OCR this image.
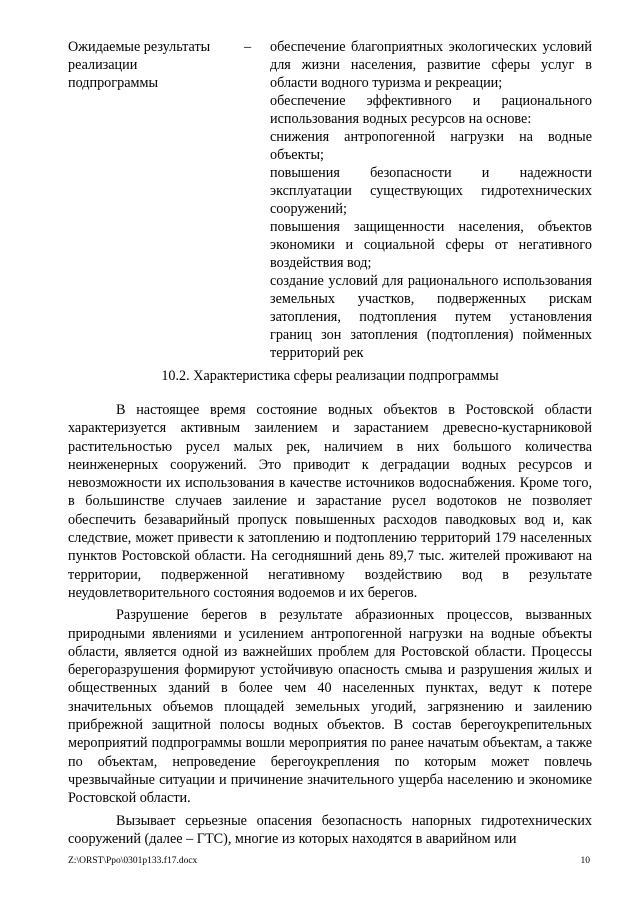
Ожидаемые результаты
реализации
подпрограммы
– обеспечение благоприятных экологических условий для жизни населения, развитие сферы услуг в области водного туризма и рекреации;

обеспечение эффективного и рационального использования водных ресурсов на основе:

снижения антропогенной нагрузки на водные объекты;

повышения безопасности и надежности эксплуатации существующих гидротехнических сооружений;

повышения защищенности населения, объектов экономики и социальной сферы от негативного воздействия вод;

создание условий для рационального использования земельных участков, подверженных рискам затопления, подтопления путем установления границ зон затопления (подтопления) пойменных территорий рек

10.2. Характеристика сферы реализации подпрограммы

В настоящее время состояние водных объектов в Ростовской области характеризуется активным заилением и зарастанием древесно-кустарниковой растительностью русел малых рек, наличием в них большого количества неинженерных сооружений. Это приводит к деградации водных ресурсов и невозможности их использования в качестве источников водоснабжения. Кроме того, в большинстве случаев заиление и зарастание русел водотоков не позволяет обеспечить безаварийный пропуск повышенных расходов паводковых вод и, как следствие, может привести к затоплению и подтоплению территорий 179 населенных пунктов Ростовской области. На сегодняшний день 89,7 тыс. жителей проживают на территории, подверженной негативному воздействию вод в результате неудовлетворительного состояния водоемов и их берегов.

Разрушение берегов в результате абразионных процессов, вызванных природными явлениями и усилением антропогенной нагрузки на водные объекты области, является одной из важнейших проблем для Ростовской области. Процессы берегоразрушения формируют устойчивую опасность смыва и разрушения жилых и общественных зданий в более чем 40 населенных пунктах, ведут к потере значительных объемов площадей земельных угодий, загрязнению и заилению прибрежной защитной полосы водных объектов. В состав берегоукрепительных мероприятий подпрограммы вошли мероприятия по ранее начатым объектам, а также по объектам, непроведение берегоукрепления по которым может повлечь чрезвычайные ситуации и причинение значительного ущерба населению и экономике Ростовской области.

Вызывает серьезные опасения безопасность напорных гидротехнических сооружений (далее – ГТС), многие из которых находятся в аварийном или

Z:\ORST\Ppo\0301p133.f17.docx	10
